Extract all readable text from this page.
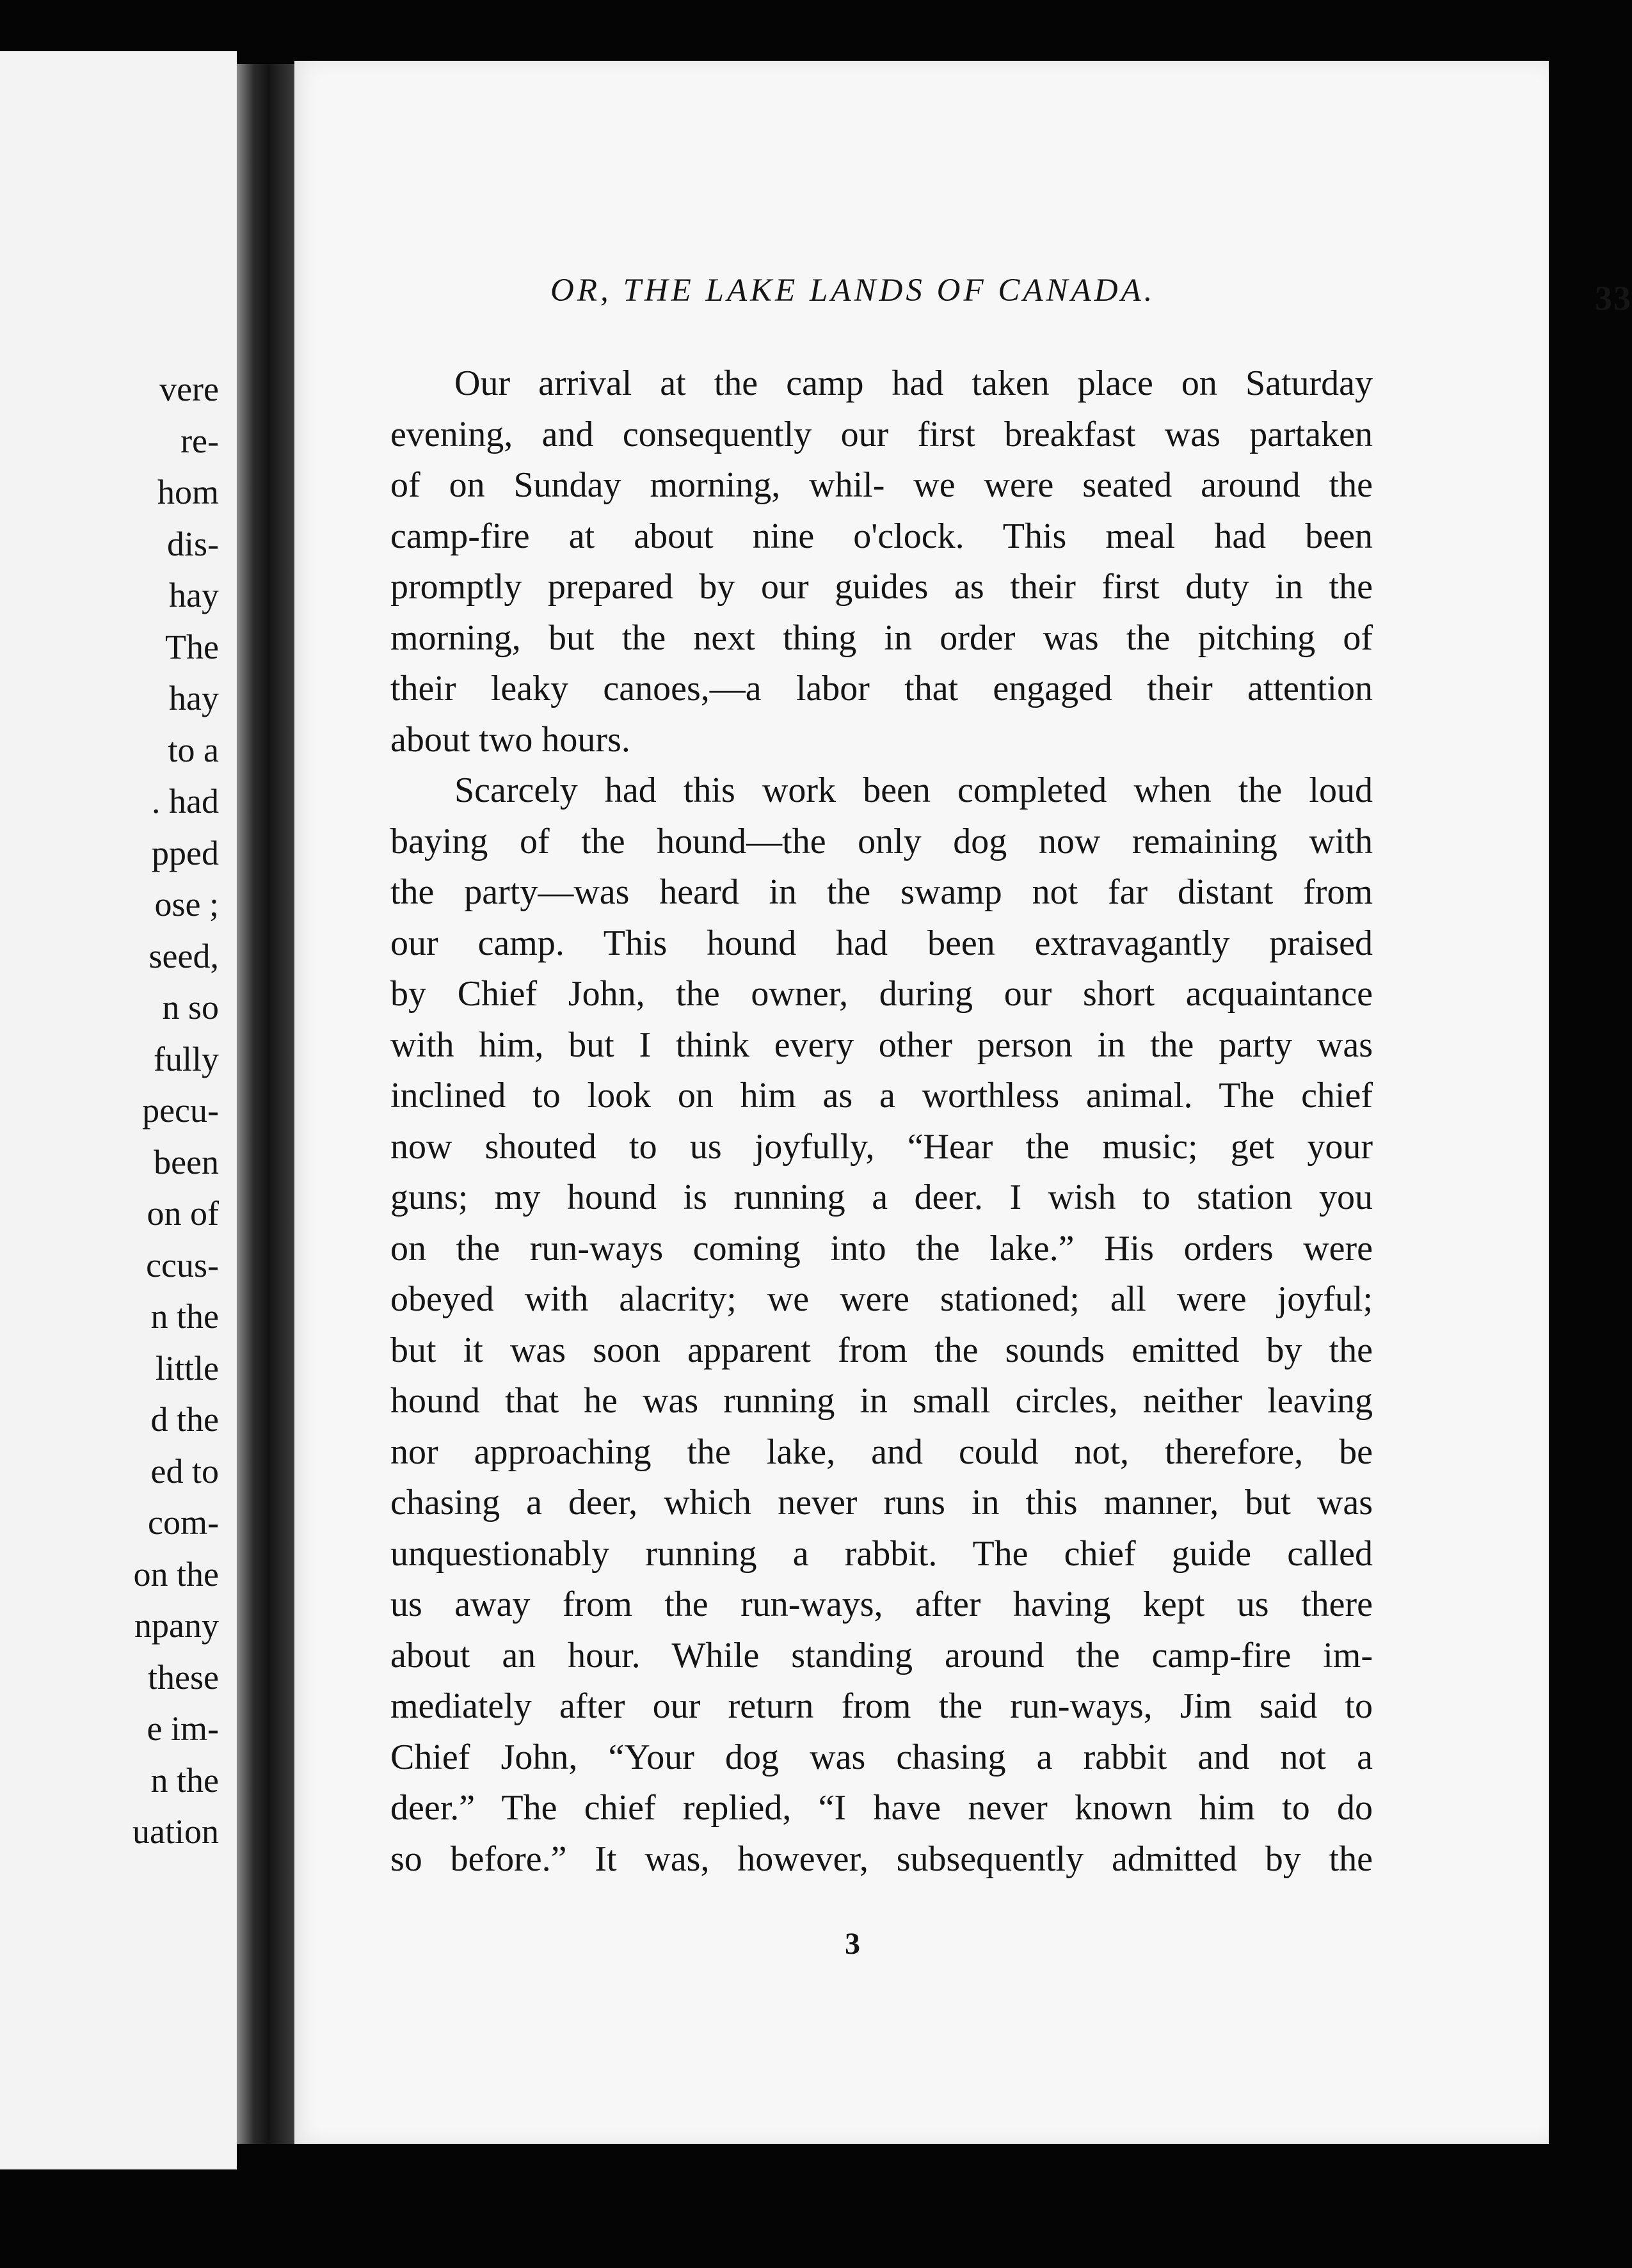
vere
re-
hom
dis-
hay
The
hay
to a
. had
pped
ose ;
seed,
n so
fully
pecu-
been
on of
ccus-
n the
little
d the
ed to
com-
on the
npany
these
e im-
n the
uation
OR, THE LAKE LANDS OF CANADA.	33
Our arrival at the camp had taken place on Saturday
evening, and consequently our first breakfast was partaken
of on Sunday morning, whil- we were seated around the
camp-fire at about nine o'clock. This meal had been
promptly prepared by our guides as their first duty in the
morning, but the next thing in order was the pitching of
their leaky canoes,—a labor that engaged their attention
about two hours.
Scarcely had this work been completed when the loud
baying of the hound—the only dog now remaining with
the party—was heard in the swamp not far distant from
our camp. This hound had been extravagantly praised
by Chief John, the owner, during our short acquaintance
with him, but I think every other person in the party was
inclined to look on him as a worthless animal. The chief
now shouted to us joyfully, “Hear the music; get your
guns; my hound is running a deer. I wish to station you
on the run-ways coming into the lake.” His orders were
obeyed with alacrity; we were stationed; all were joyful;
but it was soon apparent from the sounds emitted by the
hound that he was running in small circles, neither leaving
nor approaching the lake, and could not, therefore, be
chasing a deer, which never runs in this manner, but was
unquestionably running a rabbit. The chief guide called
us away from the run-ways, after having kept us there
about an hour. While standing around the camp-fire im-
mediately after our return from the run-ways, Jim said to
Chief John, “Your dog was chasing a rabbit and not a
deer.” The chief replied, “I have never known him to do
so before.” It was, however, subsequently admitted by the
3
